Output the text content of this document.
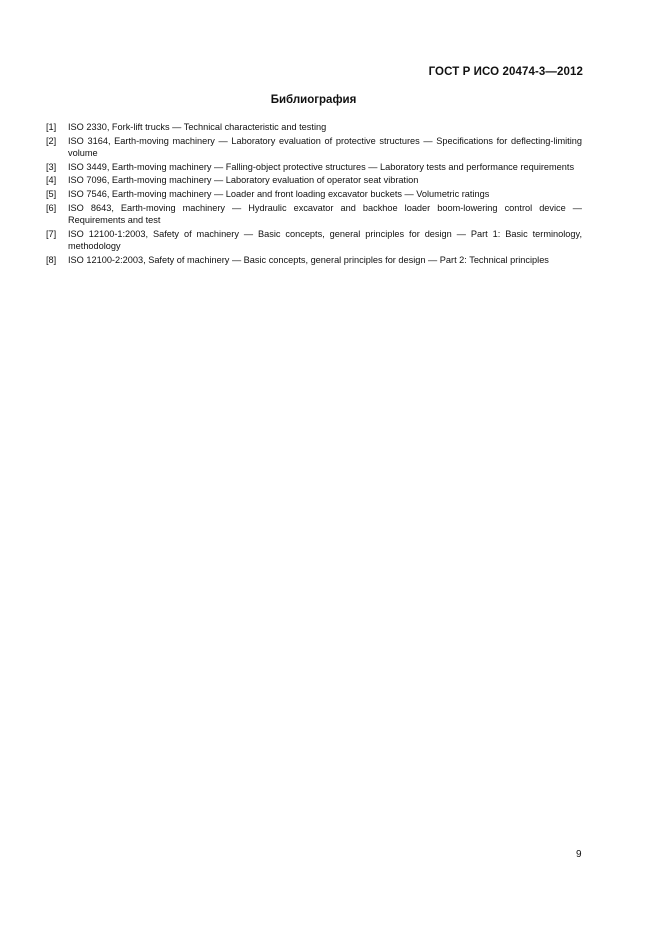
ГОСТ Р ИСО 20474-3—2012
Библиография
[1]	ISO 2330, Fork-lift trucks — Technical characteristic and testing
[2]	ISO 3164, Earth-moving machinery — Laboratory evaluation of protective structures — Specifications for deflecting-limiting volume
[3]	ISO 3449, Earth-moving machinery — Falling-object protective structures — Laboratory tests and performance requirements
[4]	ISO 7096, Earth-moving machinery — Laboratory evaluation of operator seat vibration
[5]	ISO 7546, Earth-moving machinery — Loader and front loading excavator buckets — Volumetric ratings
[6]	ISO 8643, Earth-moving machinery — Hydraulic excavator and backhoe loader boom-lowering control device — Requirements and test
[7]	ISO 12100-1:2003, Safety of machinery — Basic concepts, general principles for design — Part 1: Basic terminology, methodology
[8]	ISO 12100-2:2003, Safety of machinery — Basic concepts, general principles for design — Part 2: Technical principles
9
